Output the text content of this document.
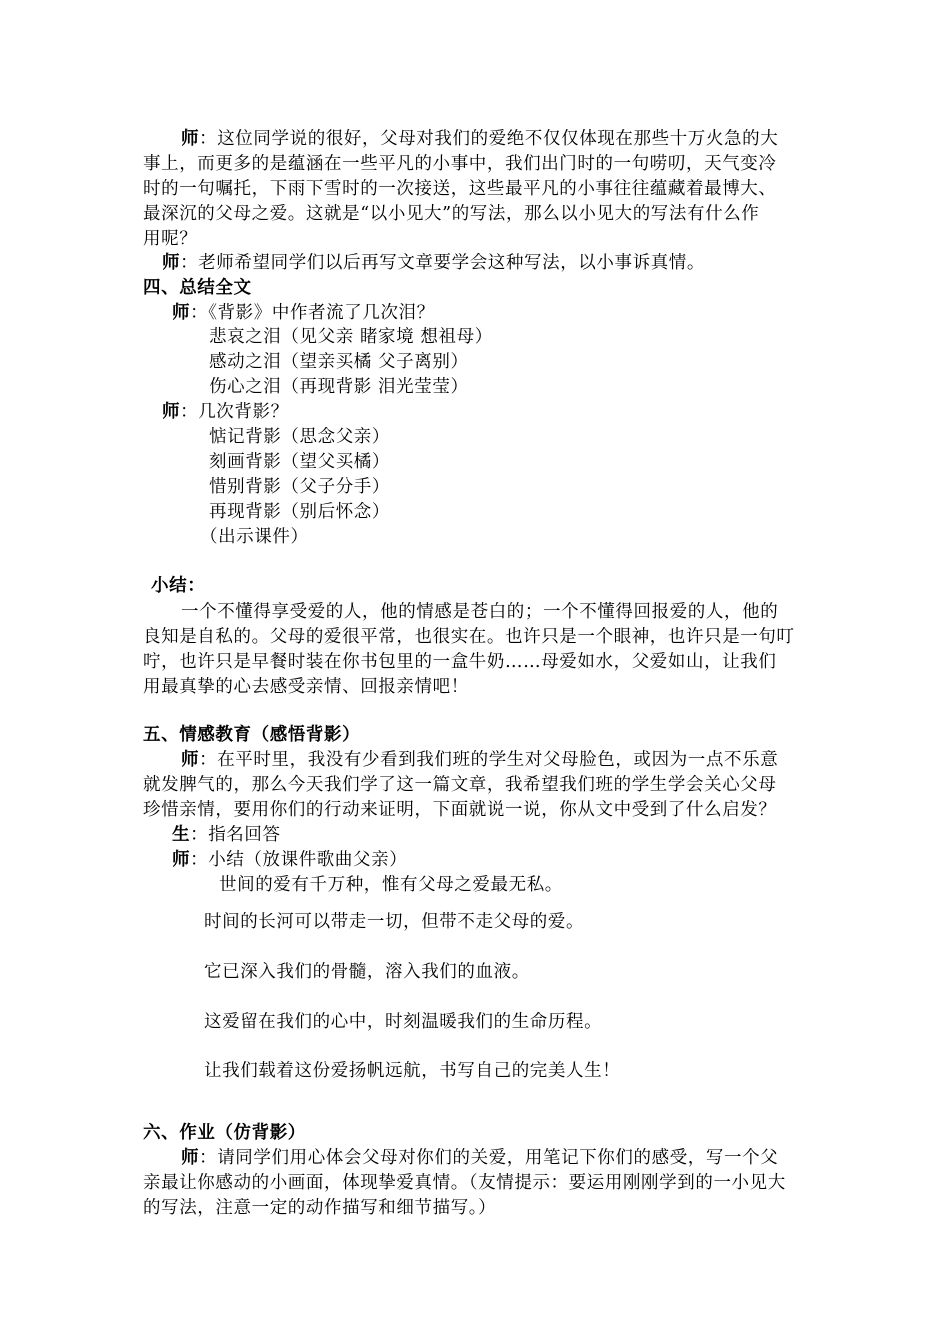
师：这位同学说的很好，父母对我们的爱绝不仅仅体现在那些十万火急的大
事上，而更多的是蕴涵在一些平凡的小事中，我们出门时的一句唠叨，天气变冷
时的一句嘱托，下雨下雪时的一次接送，这些最平凡的小事往往蕴藏着最博大、
最深沉的父母之爱。这就是“以小见大”的写法，那么以小见大的写法有什么作
用呢？
师：老师希望同学们以后再写文章要学会这种写法，以小事诉真情。
四、总结全文
师：《背影》中作者流了几次泪？
悲哀之泪（见父亲 睹家境 想祖母）
感动之泪（望亲买橘 父子离别）
伤心之泪（再现背影 泪光莹莹）
师：几次背影？
惦记背影（思念父亲）
刻画背影（望父买橘）
惜别背影（父子分手）
再现背影（别后怀念）
（出示课件）
小结：
一个不懂得享受爱的人，他的情感是苍白的；一个不懂得回报爱的人，他的
良知是自私的。父母的爱很平常，也很实在。也许只是一个眼神，也许只是一句叮
咛，也许只是早餐时装在你书包里的一盒牛奶……母爱如水，父爱如山，让我们
用最真挚的心去感受亲情、回报亲情吧！
五、情感教育（感悟背影）
师：在平时里，我没有少看到我们班的学生对父母脸色，或因为一点不乐意
就发脾气的，那么今天我们学了这一篇文章，我希望我们班的学生学会关心父母
珍惜亲情，要用你们的行动来证明，下面就说一说，你从文中受到了什么启发？
生：指名回答
师：小结（放课件歌曲父亲）
世间的爱有千万种，惟有父母之爱最无私。
时间的长河可以带走一切，但带不走父母的爱。
它已深入我们的骨髓，溶入我们的血液。
这爱留在我们的心中，时刻温暖我们的生命历程。
让我们载着这份爱扬帆远航，书写自己的完美人生！
六、作业（仿背影）
师：请同学们用心体会父母对你们的关爱，用笔记下你们的感受，写一个父
亲最让你感动的小画面，体现挚爱真情。（友情提示：要运用刚刚学到的一小见大
的写法，注意一定的动作描写和细节描写。）
